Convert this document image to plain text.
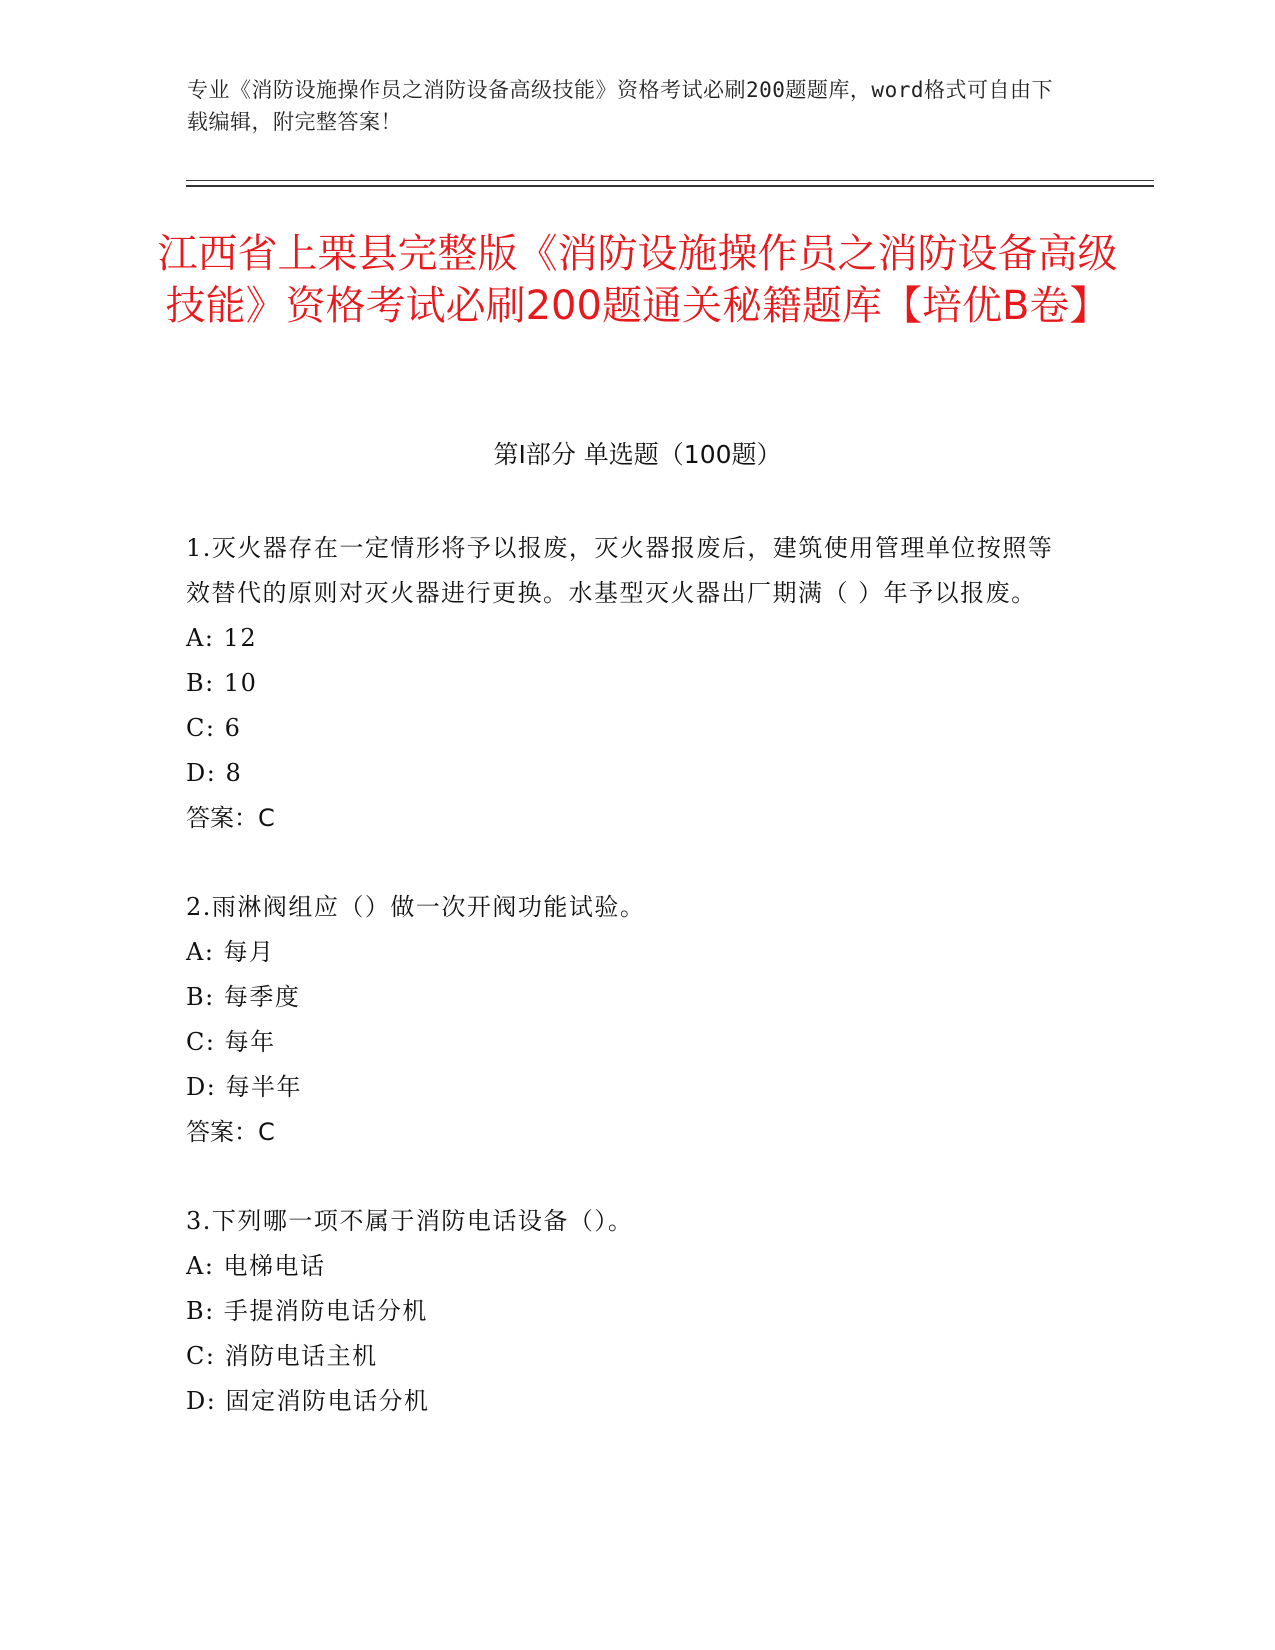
专业《消防设施操作员之消防设备高级技能》资格考试必刷200题题库，word格式可自由下载编辑，附完整答案！
江西省上栗县完整版《消防设施操作员之消防设备高级技能》资格考试必刷200题通关秘籍题库【培优B卷】
第I部分 单选题（100题）
1.灭火器存在一定情形将予以报废，灭火器报废后，建筑使用管理单位按照等效替代的原则对灭火器进行更换。水基型灭火器出厂期满（ ）年予以报废。
A: 12
B: 10
C: 6
D: 8
答案：C
2.雨淋阀组应（）做一次开阀功能试验。
A: 每月
B: 每季度
C: 每年
D: 每半年
答案：C
3.下列哪一项不属于消防电话设备（）。
A: 电梯电话
B: 手提消防电话分机
C: 消防电话主机
D: 固定消防电话分机
